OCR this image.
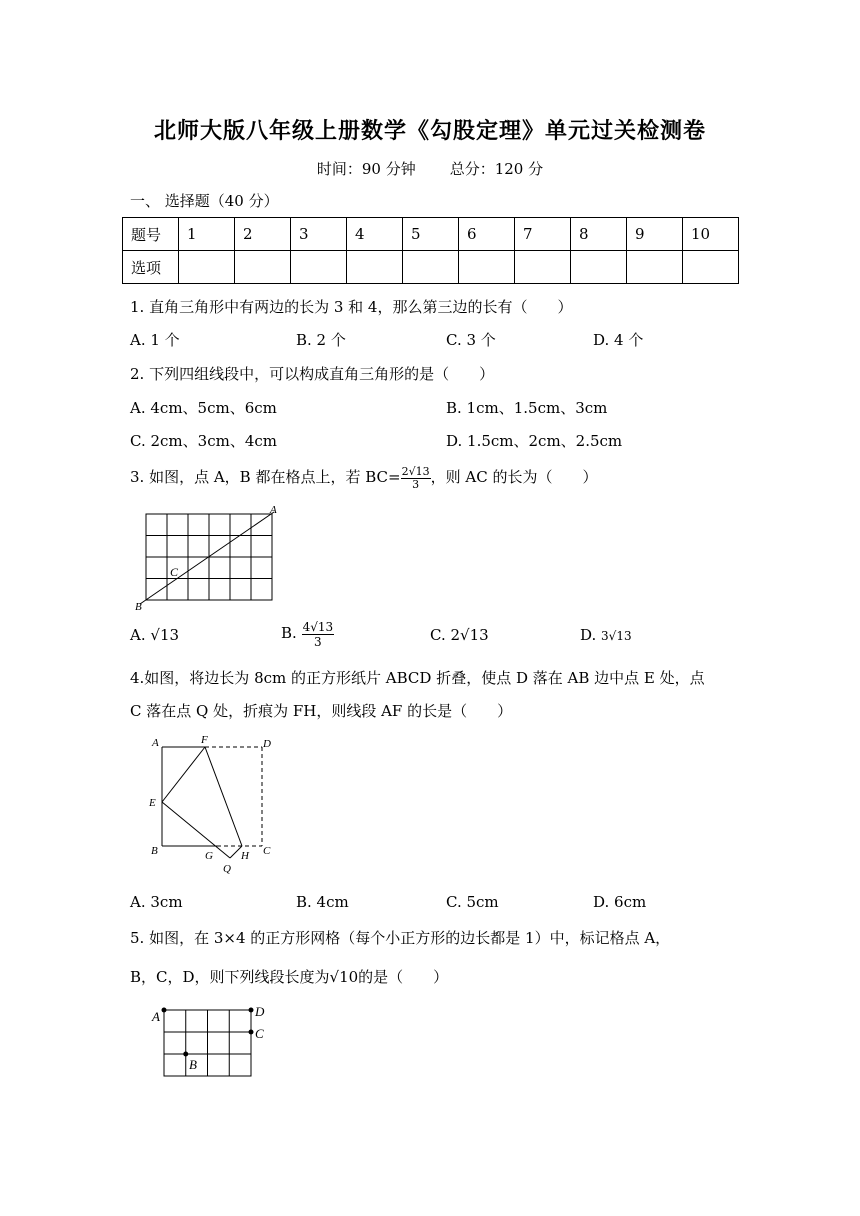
北师大版八年级上册数学《勾股定理》单元过关检测卷
时间：90 分钟 总分：120 分
一、 选择题（40 分）
题号	1	2	3	4	5	6	7	8	9	10
选项										
1. 直角三角形中有两边的长为 3 和 4，那么第三边的长有（　　）
A. 1 个	B. 2 个	C. 3 个	D. 4 个
2. 下列四组线段中，可以构成直角三角形的是（　　）
A. 4cm、5cm、6cm	B. 1cm、1.5cm、3cm
C. 2cm、3cm、4cm	D. 1.5cm、2cm、2.5cm
3. 如图，点 A，B 都在格点上，若 $BC= \frac{2√13}{3}$ ，则 AC 的长为（　　）
A
B
C
A. √13	B. $\frac{4√13}{3}$	C. 2√13	D. 3√13
4.如图，将边长为 8cm 的正方形纸片 ABCD 折叠，使点 D 落在 AB 边中点 E 处，点
C 落在点 Q 处，折痕为 FH，则线段 AF 的长是（　　）
A	F	D
E
B	G	H C
Q
A. 3cm	B. 4cm	C. 5cm	D. 6cm
5. 如图，在 3×4 的正方形网格（每个小正方形的边长都是 1）中，标记格点 A，
B，C，D，则下列线段长度为√10的是（　　）
A	D
C
B
